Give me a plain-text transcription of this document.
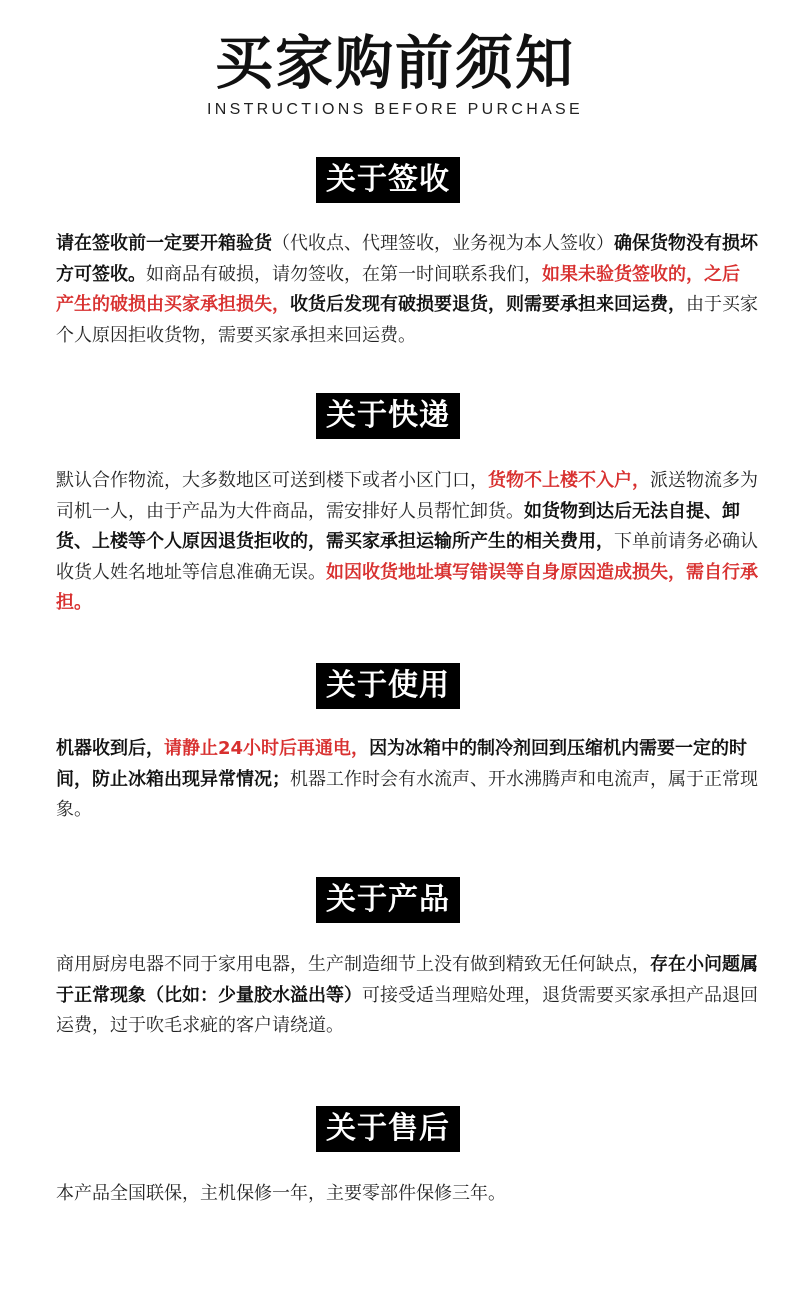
买家购前须知
INSTRUCTIONS BEFORE PURCHASE
关于签收
请在签收前一定要开箱验货（代收点、代理签收，业务视为本人签收）确保货物没有损坏方可签收。如商品有破损，请勿签收，在第一时间联系我们，如果未验货签收的，之后 产生的破损由买家承担损失，收货后发现有破损要退货，则需要承担来回运费，由于买家个人原因拒收货物，需要买家承担来回运费。
关于快递
默认合作物流，大多数地区可送到楼下或者小区门口，货物不上楼不入户，派送物流多为司机一人，由于产品为大件商品，需安排好人员帮忙卸货。如货物到达后无法自提、卸货、上楼等个人原因退货拒收的，需买家承担运输所产生的相关费用，下单前请务必确认收货人姓名地址等信息准确无误。如因收货地址填写错误等自身原因造成损失，需自行承担。
关于使用
机器收到后，请静止24小时后再通电，因为冰箱中的制冷剂回到压缩机内需要一定的时间，防止冰箱出现异常情况；机器工作时会有水流声、开水沸腾声和电流声，属于正常现象。
关于产品
商用厨房电器不同于家用电器，生产制造细节上没有做到精致无任何缺点，存在小问题属于正常现象（比如：少量胶水溢出等）可接受适当理赔处理，退货需要买家承担产品退回运费，过于吹毛求疵的客户请绕道。
关于售后
本产品全国联保，主机保修一年，主要零部件保修三年。
